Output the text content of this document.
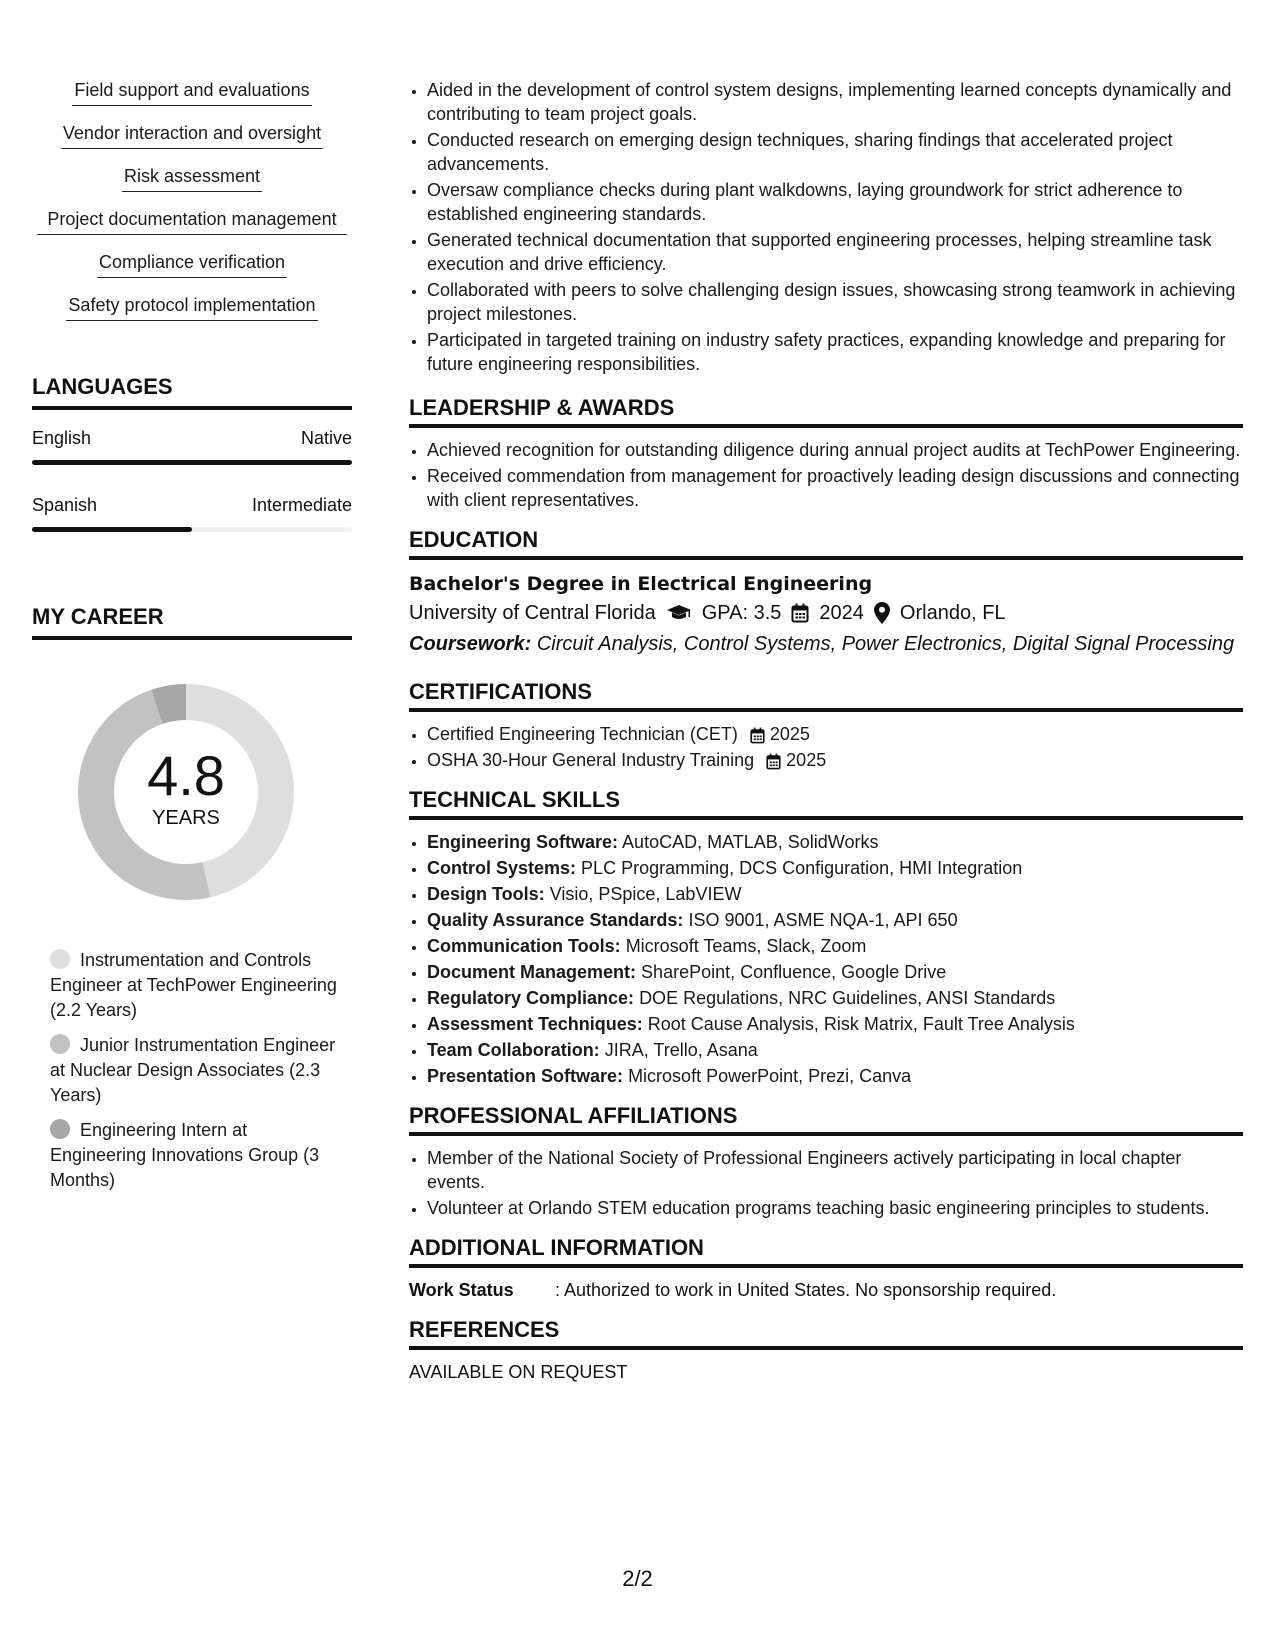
Field support and evaluations
Vendor interaction and oversight
Risk assessment
Project documentation management
Compliance verification
Safety protocol implementation
LANGUAGES
English	Native
Spanish	Intermediate
MY CAREER
4.8
YEARS
Instrumentation and Controls Engineer at TechPower Engineering (2.2 Years)
Junior Instrumentation Engineer at Nuclear Design Associates (2.3 Years)
Engineering Intern at Engineering Innovations Group (3 Months)
• Aided in the development of control system designs, implementing learned concepts dynamically and contributing to team project goals.
• Conducted research on emerging design techniques, sharing findings that accelerated project advancements.
• Oversaw compliance checks during plant walkdowns, laying groundwork for strict adherence to established engineering standards.
• Generated technical documentation that supported engineering processes, helping streamline task execution and drive efficiency.
• Collaborated with peers to solve challenging design issues, showcasing strong teamwork in achieving project milestones.
• Participated in targeted training on industry safety practices, expanding knowledge and preparing for future engineering responsibilities.
LEADERSHIP & AWARDS
• Achieved recognition for outstanding diligence during annual project audits at TechPower Engineering.
• Received commendation from management for proactively leading design discussions and connecting with client representatives.
EDUCATION
Bachelor's Degree in Electrical Engineering
University of Central Florida GPA: 3.5 2024 Orlando, FL
Coursework: Circuit Analysis, Control Systems, Power Electronics, Digital Signal Processing
CERTIFICATIONS
• Certified Engineering Technician (CET)	2025
• OSHA 30-Hour General Industry Training	2025
TECHNICAL SKILLS
• Engineering Software: AutoCAD, MATLAB, SolidWorks
• Control Systems: PLC Programming, DCS Configuration, HMI Integration
• Design Tools: Visio, PSpice, LabVIEW
• Quality Assurance Standards: ISO 9001, ASME NQA-1, API 650
• Communication Tools: Microsoft Teams, Slack, Zoom
• Document Management: SharePoint, Confluence, Google Drive
• Regulatory Compliance: DOE Regulations, NRC Guidelines, ANSI Standards
• Assessment Techniques: Root Cause Analysis, Risk Matrix, Fault Tree Analysis
• Team Collaboration: JIRA, Trello, Asana
• Presentation Software: Microsoft PowerPoint, Prezi, Canva
PROFESSIONAL AFFILIATIONS
• Member of the National Society of Professional Engineers actively participating in local chapter events.
• Volunteer at Orlando STEM education programs teaching basic engineering principles to students.
ADDITIONAL INFORMATION
Work Status : Authorized to work in United States. No sponsorship required.
REFERENCES
AVAILABLE ON REQUEST
2/2
